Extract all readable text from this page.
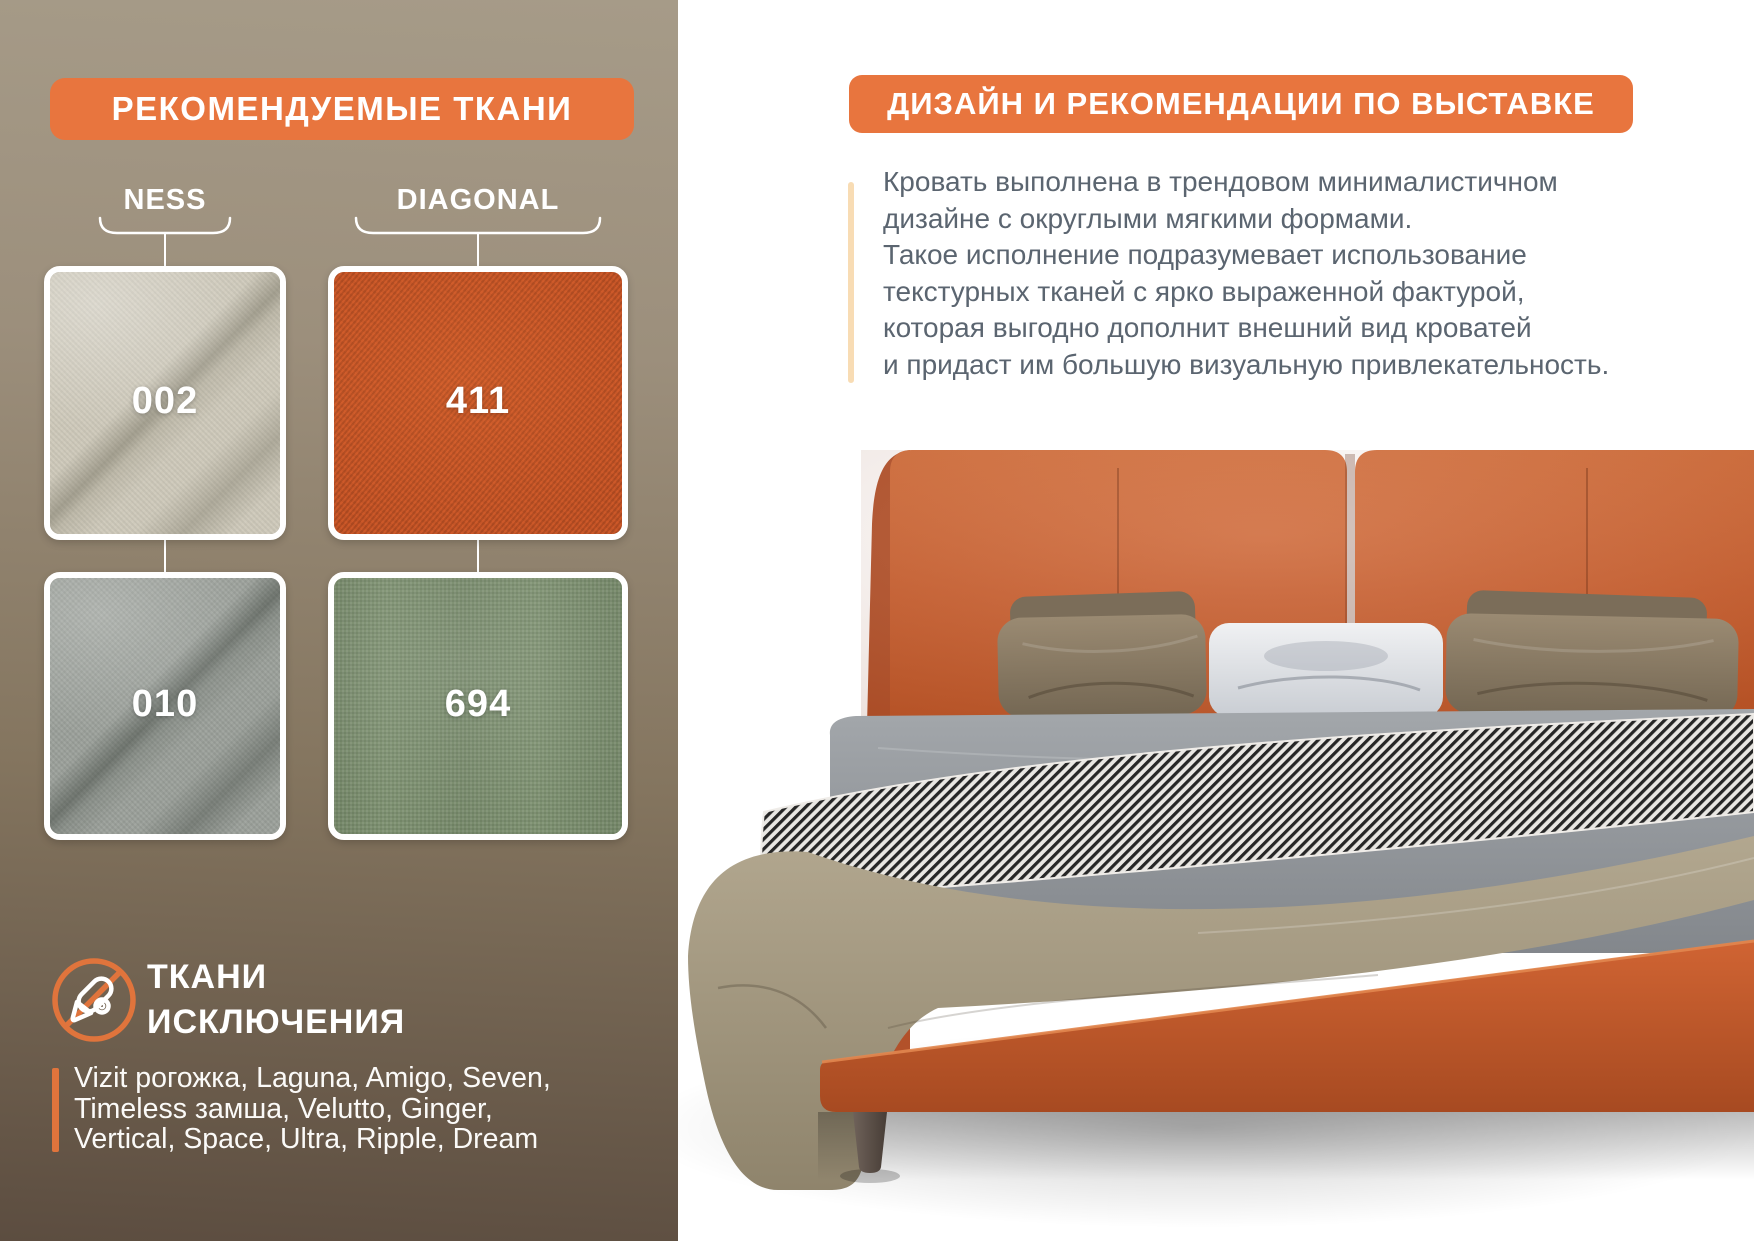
РЕКОМЕНДУЕМЫЕ ТКАНИ
NESS	DIAGONAL
002	411
010	694
ТКАНИ
ИСКЛЮЧЕНИЯ
Vizit рогожка, Laguna, Amigo, Seven,
Timeless замша, Velutto, Ginger,
Vertical, Space, Ultra, Ripple, Dream
ДИЗАЙН И РЕКОМЕНДАЦИИ ПО ВЫСТАВКЕ
Кровать выполнена в трендовом минималистичном
дизайне с округлыми мягкими формами.
Такое исполнение подразумевает использование
текстурных тканей с ярко выраженной фактурой,
которая выгодно дополнит внешний вид кроватей
и придаст им большую визуальную привлекательность.
